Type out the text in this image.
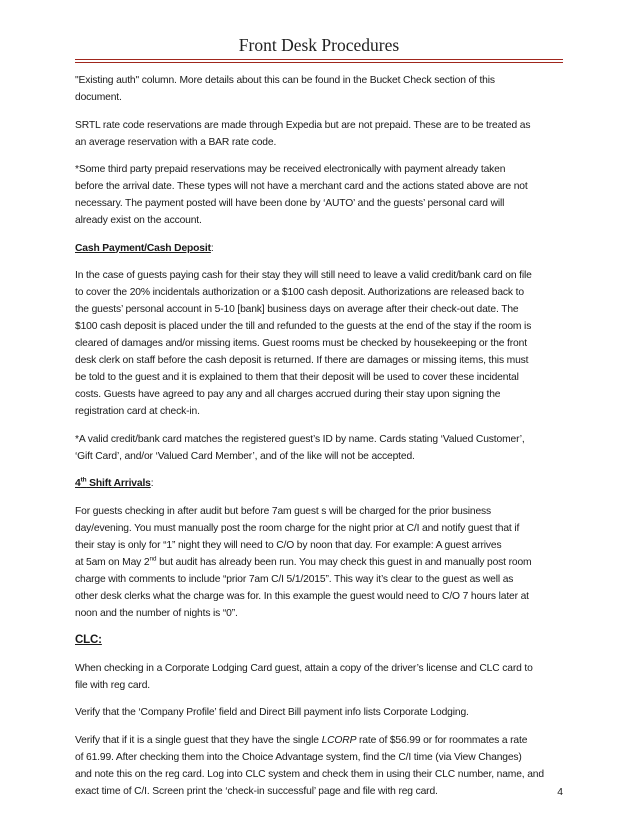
Front Desk Procedures

"Existing auth" column. More details about this can be found in the Bucket Check section of this
document.

SRTL rate code reservations are made through Expedia but are not prepaid. These are to be treated as
an average reservation with a BAR rate code.

*Some third party prepaid reservations may be received electronically with payment already taken
before the arrival date. These types will not have a merchant card and the actions stated above are not
necessary. The payment posted will have been done by ‘AUTO’ and the guests’ personal card will
already exist on the account.

Cash Payment/Cash Deposit:

In the case of guests paying cash for their stay they will still need to leave a valid credit/bank card on file
to cover the 20% incidentals authorization or a $100 cash deposit. Authorizations are released back to
the guests’ personal account in 5-10 [bank] business days on average after their check-out date. The
$100 cash deposit is placed under the till and refunded to the guests at the end of the stay if the room is
cleared of damages and/or missing items. Guest rooms must be checked by housekeeping or the front
desk clerk on staff before the cash deposit is returned. If there are damages or missing items, this must
be told to the guest and it is explained to them that their deposit will be used to cover these incidental
costs. Guests have agreed to pay any and all charges accrued during their stay upon signing the
registration card at check-in.

*A valid credit/bank card matches the registered guest’s ID by name. Cards stating ‘Valued Customer’,
‘Gift Card’, and/or ‘Valued Card Member’, and of the like will not be accepted.

4th Shift Arrivals:

For guests checking in after audit but before 7am guest s will be charged for the prior business
day/evening. You must manually post the room charge for the night prior at C/I and notify guest that if
their stay is only for “1” night they will need to C/O by noon that day. For example: A guest arrives
at 5am on May 2nd but audit has already been run. You may check this guest in and manually post room
charge with comments to include “prior 7am C/I 5/1/2015”. This way it’s clear to the guest as well as
other desk clerks what the charge was for. In this example the guest would need to C/O 7 hours later at
noon and the number of nights is “0”.

CLC:

When checking in a Corporate Lodging Card guest, attain a copy of the driver’s license and CLC card to
file with reg card.

Verify that the ‘Company Profile’ field and Direct Bill payment info lists Corporate Lodging.

Verify that if it is a single guest that they have the single LCORP rate of $56.99 or for roommates a rate
of 61.99. After checking them into the Choice Advantage system, find the C/I time (via View Changes)
and note this on the reg card. Log into CLC system and check them in using their CLC number, name, and
exact time of C/I. Screen print the ‘check-in successful’ page and file with reg card.	4
